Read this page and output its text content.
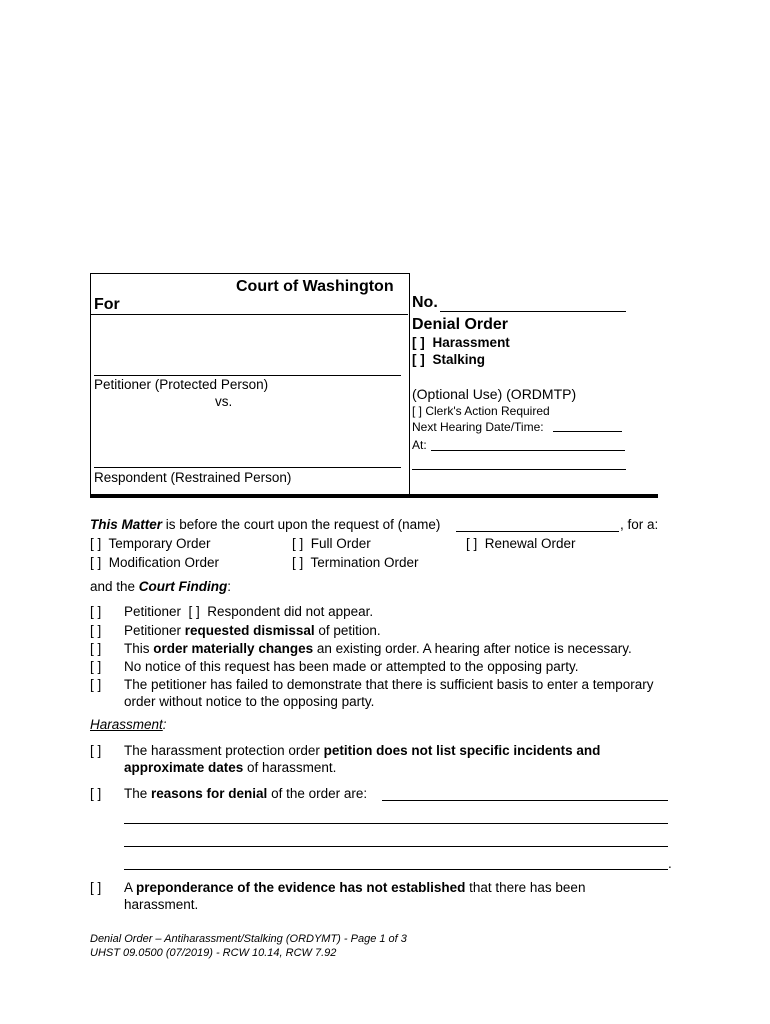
Court of Washington
For
Petitioner (Protected Person)
vs.
Respondent (Restrained Person)
No.
Denial Order
[ ] Harassment
[ ] Stalking
(Optional Use) (ORDMTP)
[ ] Clerk's Action Required
Next Hearing Date/Time:
At:
This Matter is before the court upon the request of (name)	, for a:
[ ]  Temporary Order	[ ]  Full Order	[ ]  Renewal Order
[ ]  Modification Order	[ ]  Termination Order
and the Court Finding:
[ ] Petitioner  [ ]  Respondent did not appear.
[ ] Petitioner requested dismissal of petition.
[ ] This order materially changes an existing order. A hearing after notice is necessary.
[ ] No notice of this request has been made or attempted to the opposing party.
[ ] The petitioner has failed to demonstrate that there is sufficient basis to enter a temporary
order without notice to the opposing party.
Harassment:
[ ] The harassment protection order petition does not list specific incidents and
approximate dates of harassment.
[ ] The reasons for denial of the order are:
.
[ ] A preponderance of the evidence has not established that there has been
harassment.
Denial Order – Antiharassment/Stalking (ORDYMT) - Page 1 of 3
UHST 09.0500 (07/2019) - RCW 10.14, RCW 7.92
